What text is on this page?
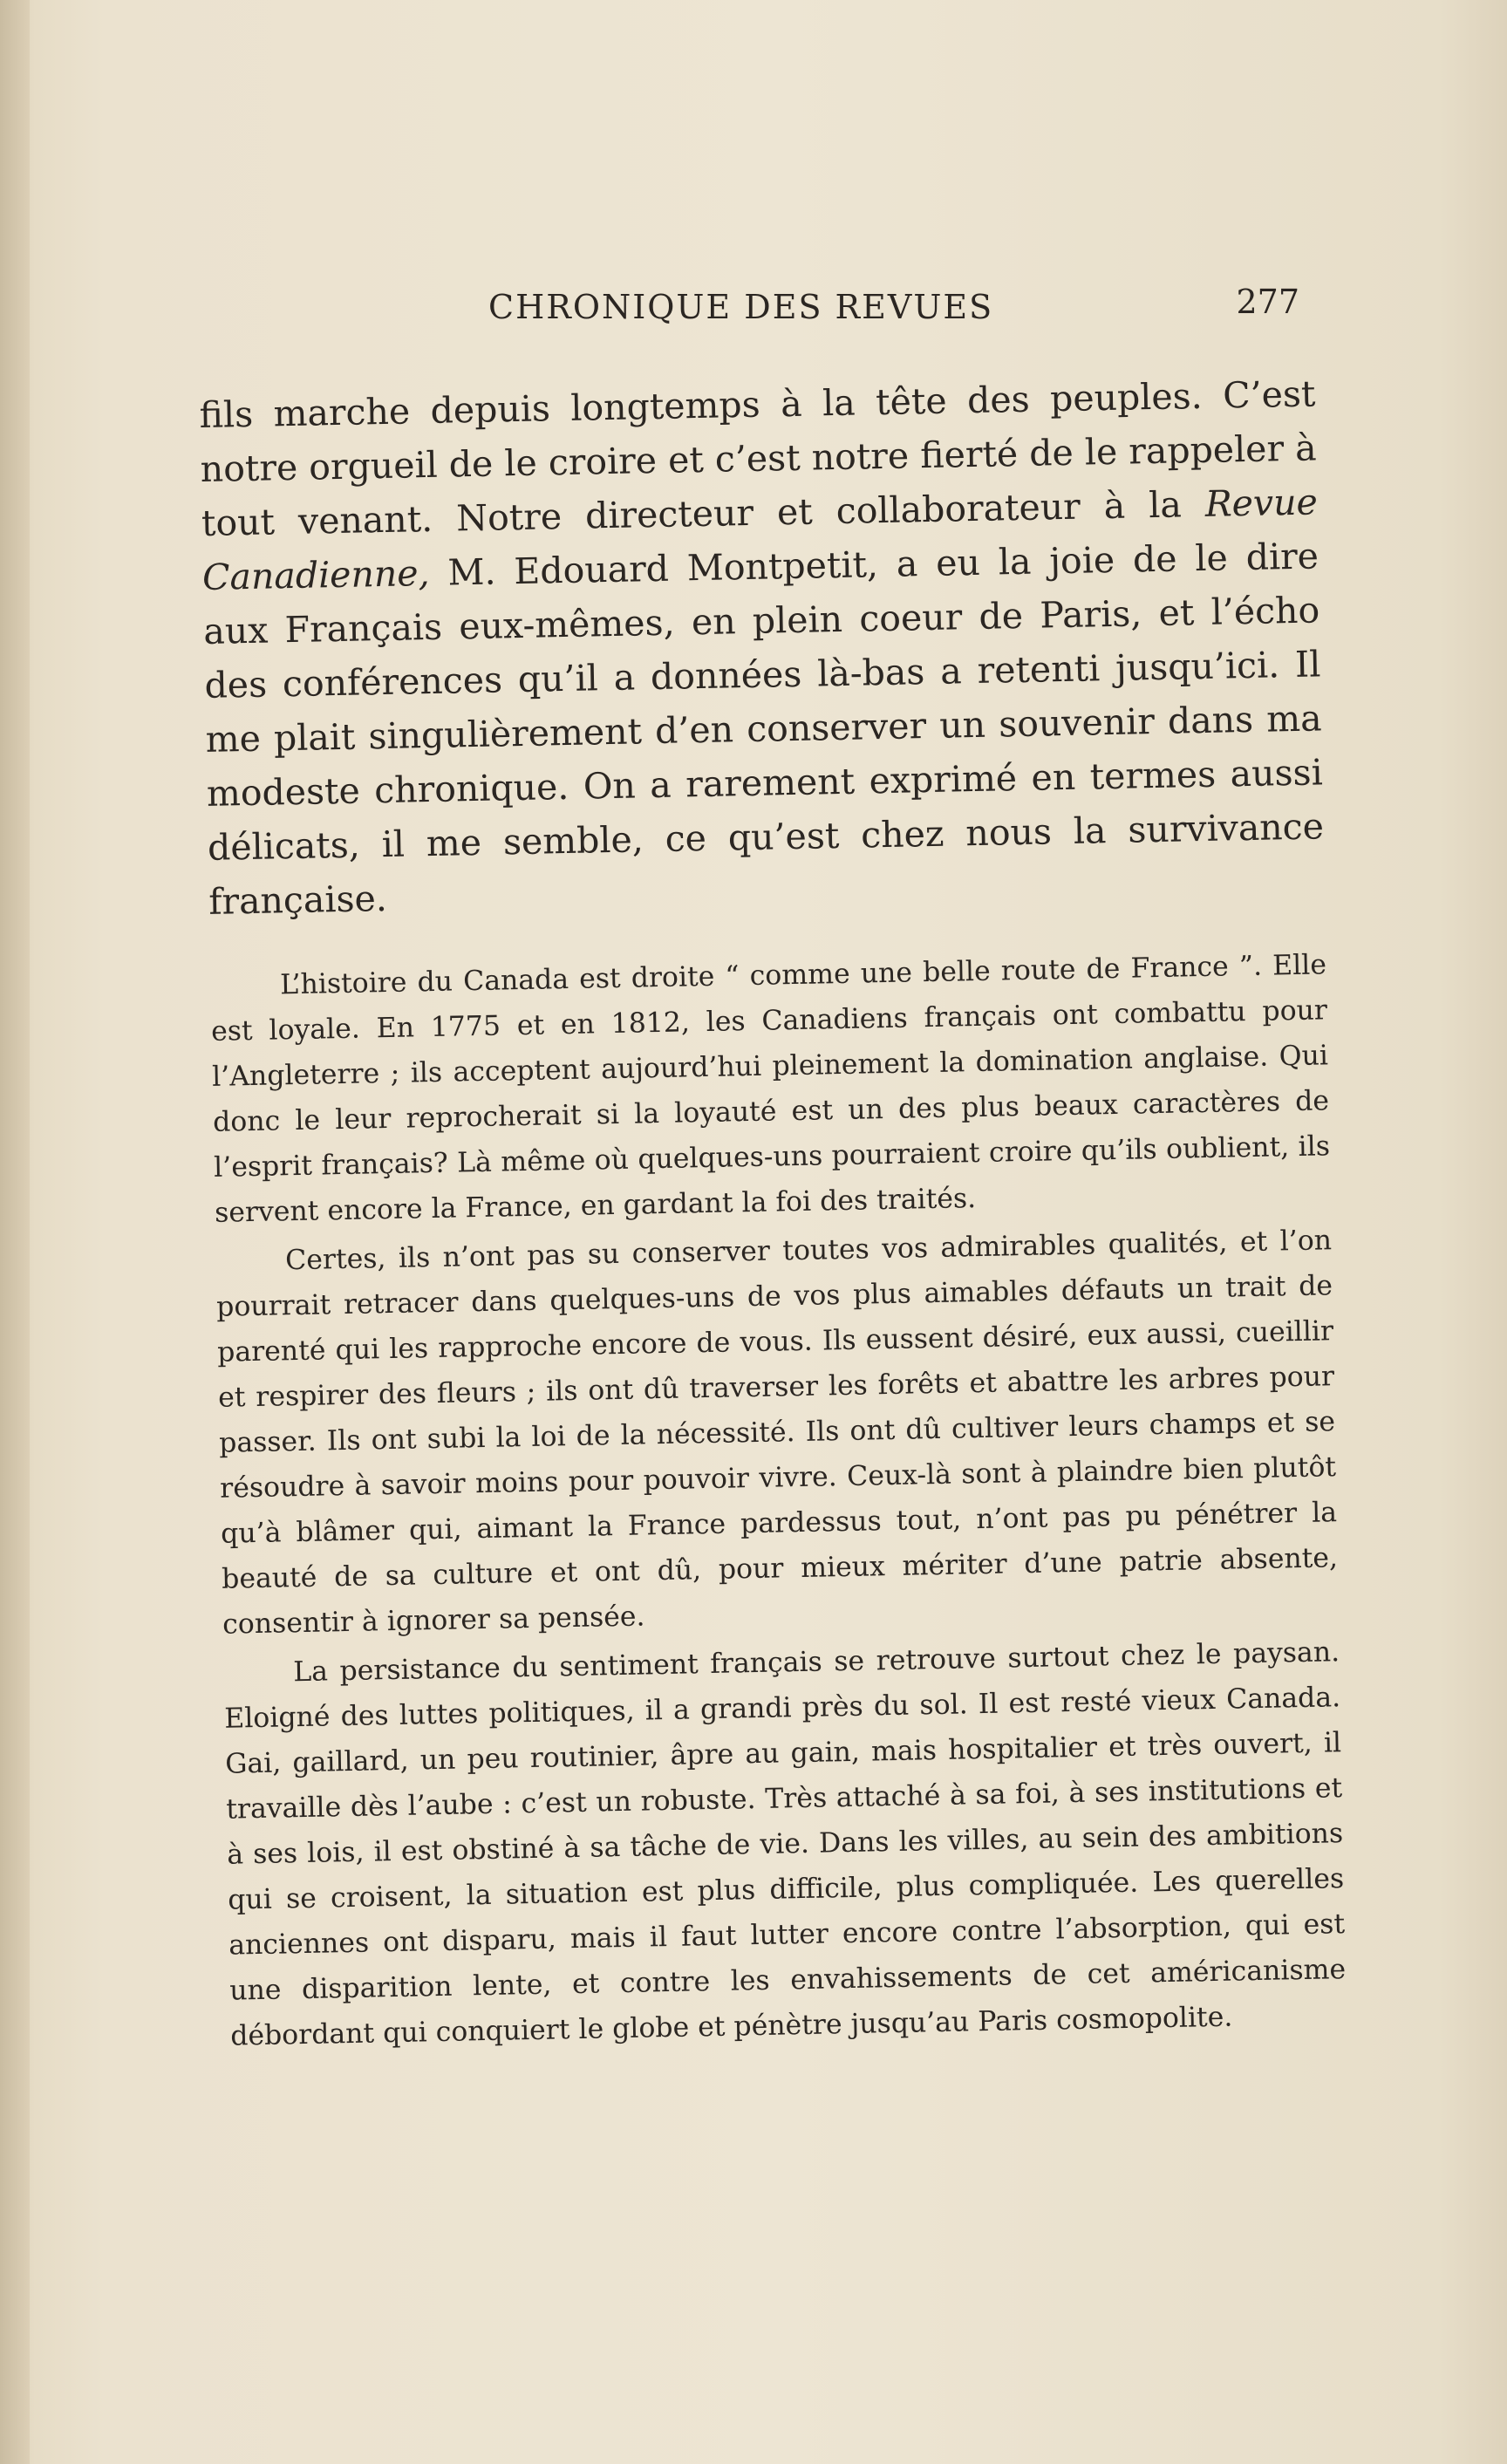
CHRONIQUE DES REVUES	277

fils marche depuis longtemps à la tête des peuples. C’est notre orgueil de le croire et c’est notre fierté de le rappeler à tout venant. Notre directeur et collaborateur à la Revue Canadienne, M. Edouard Montpetit, a eu la joie de le dire aux Français eux-mêmes, en plein coeur de Paris, et l’écho des conférences qu’il a données là-bas a retenti jusqu’ici. Il me plait singulièrement d’en conserver un souvenir dans ma modeste chronique. On a rarement exprimé en termes aussi délicats, il me semble, ce qu’est chez nous la survivance française.

L’histoire du Canada est droite “ comme une belle route de France ”. Elle est loyale. En 1775 et en 1812, les Canadiens français ont combattu pour l’Angleterre ; ils acceptent aujourd’hui pleinement la domination anglaise. Qui donc le leur reprocherait si la loyauté est un des plus beaux caractères de l’esprit français? Là même où quelques-uns pourraient croire qu’ils oublient, ils servent encore la France, en gardant la foi des traités.

Certes, ils n’ont pas su conserver toutes vos admirables qualités, et l’on pourrait retracer dans quelques-uns de vos plus aimables défauts un trait de parenté qui les rapproche encore de vous. Ils eussent désiré, eux aussi, cueillir et respirer des fleurs ; ils ont dû traverser les forêts et abattre les arbres pour passer. Ils ont subi la loi de la nécessité. Ils ont dû cultiver leurs champs et se résoudre à savoir moins pour pouvoir vivre. Ceux-là sont à plaindre bien plutôt qu’à blâmer qui, aimant la France pardessus tout, n’ont pas pu pénétrer la beauté de sa culture et ont dû, pour mieux mériter d’une patrie absente, consentir à ignorer sa pensée.

La persistance du sentiment français se retrouve surtout chez le paysan. Eloigné des luttes politiques, il a grandi près du sol. Il est resté vieux Canada. Gai, gaillard, un peu routinier, âpre au gain, mais hospitalier et très ouvert, il travaille dès l’aube : c’est un robuste. Très attaché à sa foi, à ses institutions et à ses lois, il est obstiné à sa tâche de vie. Dans les villes, au sein des ambitions qui se croisent, la situation est plus difficile, plus compliquée. Les querelles anciennes ont disparu, mais il faut lutter encore contre l’absorption, qui est une disparition lente, et contre les envahissements de cet américanisme débordant qui conquiert le globe et pénètre jusqu’au Paris cosmopolite.
